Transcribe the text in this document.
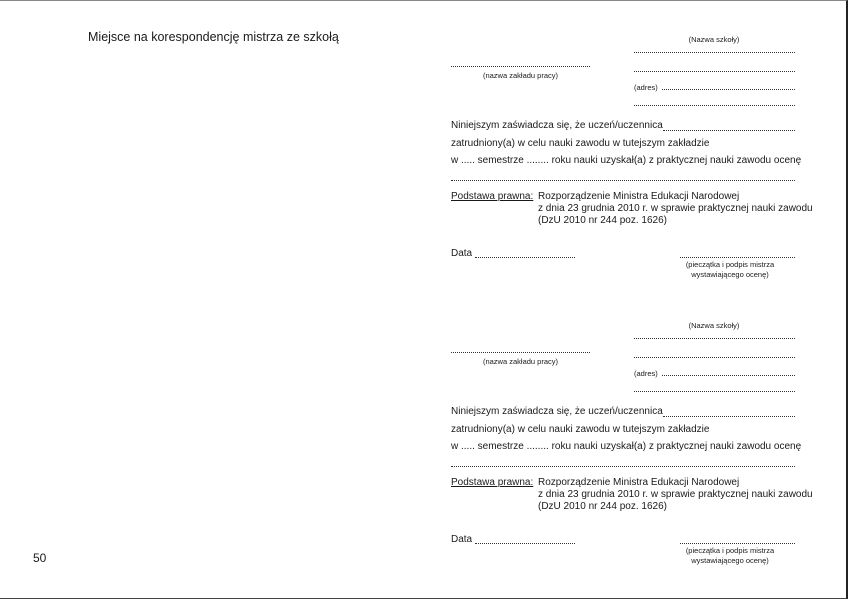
Miejsce na korespondencję mistrza ze szkołą
50
(Nazwa szkoły)
(nazwa zakładu pracy)
(adres)
Niniejszym zaświadcza się, że uczeń/uczennica
zatrudniony(a) w celu nauki zawodu w tutejszym zakładzie
w ..... semestrze ........ roku nauki uzyskał(a) z praktycznej nauki zawodu ocenę
Podstawa prawna: Rozporządzenie Ministra Edukacji Narodowej
z dnia 23 grudnia 2010 r. w sprawie praktycznej nauki zawodu
(DzU 2010 nr 244 poz. 1626)
Data
(pieczątka i podpis mistrza
wystawiającego ocenę)
(Nazwa szkoły)
(nazwa zakładu pracy)
(adres)
Niniejszym zaświadcza się, że uczeń/uczennica
zatrudniony(a) w celu nauki zawodu w tutejszym zakładzie
w ..... semestrze ........ roku nauki uzyskał(a) z praktycznej nauki zawodu ocenę
Podstawa prawna: Rozporządzenie Ministra Edukacji Narodowej
z dnia 23 grudnia 2010 r. w sprawie praktycznej nauki zawodu
(DzU 2010 nr 244 poz. 1626)
Data
(pieczątka i podpis mistrza
wystawiającego ocenę)
